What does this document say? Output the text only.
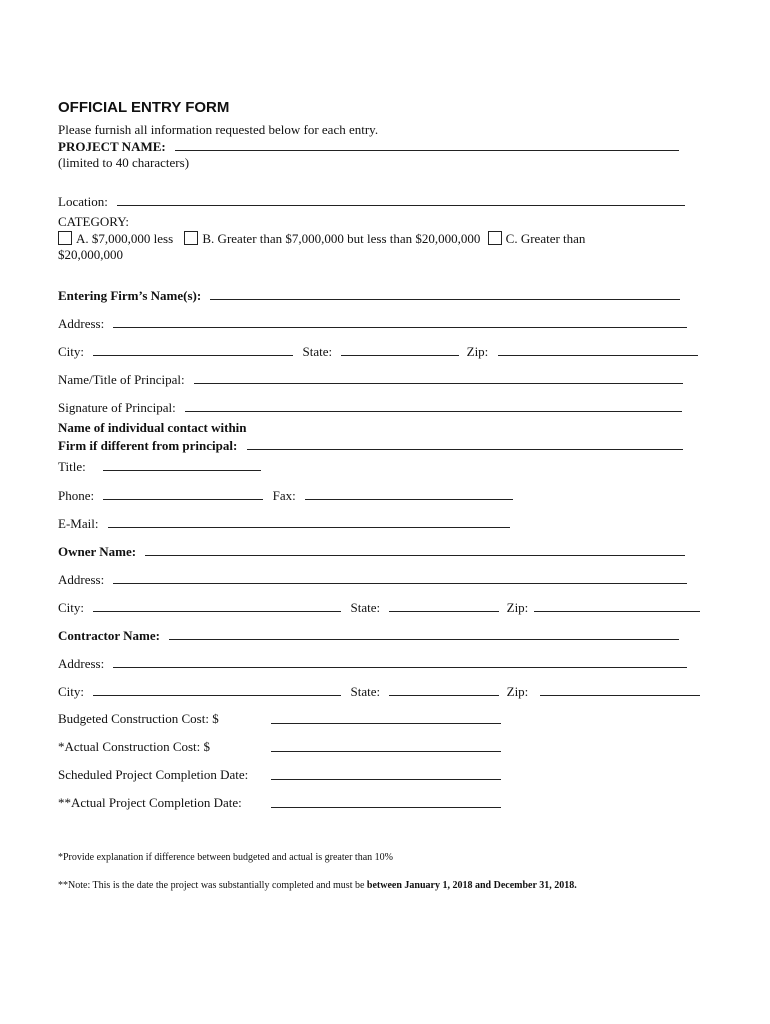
OFFICIAL ENTRY FORM
Please furnish all information requested below for each entry.
PROJECT NAME:
(limited to 40 characters)
Location:
CATEGORY:
A. $7,000,000 less B. Greater than $7,000,000 but less than $20,000,000 C. Greater than
$20,000,000
Entering Firm’s Name(s):
Address:
City:	State:	Zip:
Name/Title of Principal:
Signature of Principal:
Name of individual contact within
Firm if different from principal:
Title:
Phone:	Fax:
E-Mail:
Owner Name:
Address:
City:	State:	Zip:
Contractor Name:
Address:
City:	State:	Zip:
Budgeted Construction Cost: $
*Actual Construction Cost: $
Scheduled Project Completion Date:
**Actual Project Completion Date:
*Provide explanation if difference between budgeted and actual is greater than 10%
**Note: This is the date the project was substantially completed and must be between January 1, 2018 and December 31, 2018.
